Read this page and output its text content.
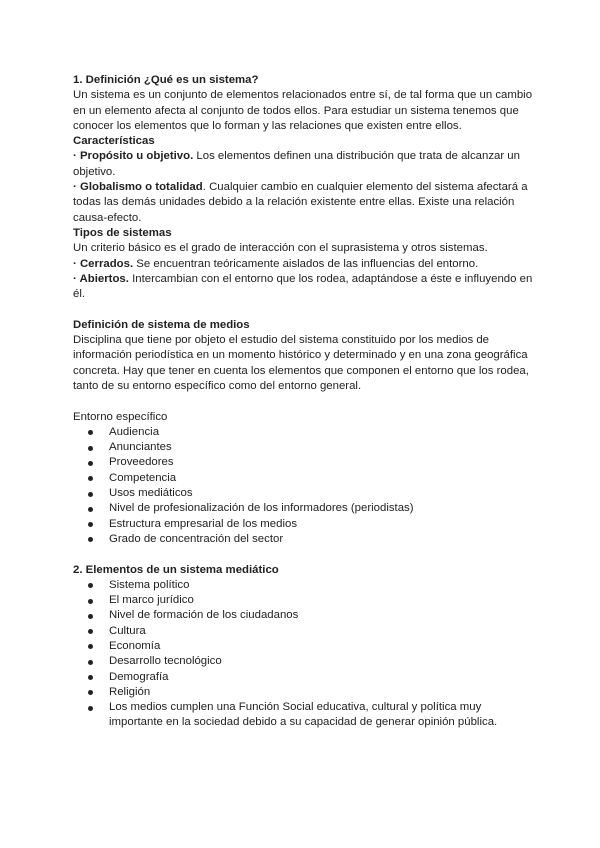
1. Definición ¿Qué es un sistema?

Un sistema es un conjunto de elementos relacionados entre sí, de tal forma que un cambio en un elemento afecta al conjunto de todos ellos. Para estudiar un sistema tenemos que conocer los elementos que lo forman y las relaciones que existen entre ellos.

Características

· Propósito u objetivo. Los elementos definen una distribución que trata de alcanzar un objetivo.

· Globalismo o totalidad. Cualquier cambio en cualquier elemento del sistema afectará a todas las demás unidades debido a la relación existente entre ellas. Existe una relación causa-efecto.

Tipos de sistemas

Un criterio básico es el grado de interacción con el suprasistema y otros sistemas.

· Cerrados. Se encuentran teóricamente aislados de las influencias del entorno.

· Abiertos. Intercambian con el entorno que los rodea, adaptándose a éste e influyendo en él.

Definición de sistema de medios

Disciplina que tiene por objeto el estudio del sistema constituido por los medios de información periodística en un momento histórico y determinado y en una zona geográfica concreta. Hay que tener en cuenta los elementos que componen el entorno que los rodea, tanto de su entorno específico como del entorno general.

Entorno específico

Audiencia
Anunciantes
Proveedores
Competencia
Usos mediáticos
Nivel de profesionalización de los informadores (periodistas)
Estructura empresarial de los medios
Grado de concentración del sector

2. Elementos de un sistema mediático

Sistema político
El marco jurídico
Nivel de formación de los ciudadanos
Cultura
Economía
Desarrollo tecnológico
Demografía
Religión
Los medios cumplen una Función Social educativa, cultural y política muy importante en la sociedad debido a su capacidad de generar opinión pública.
